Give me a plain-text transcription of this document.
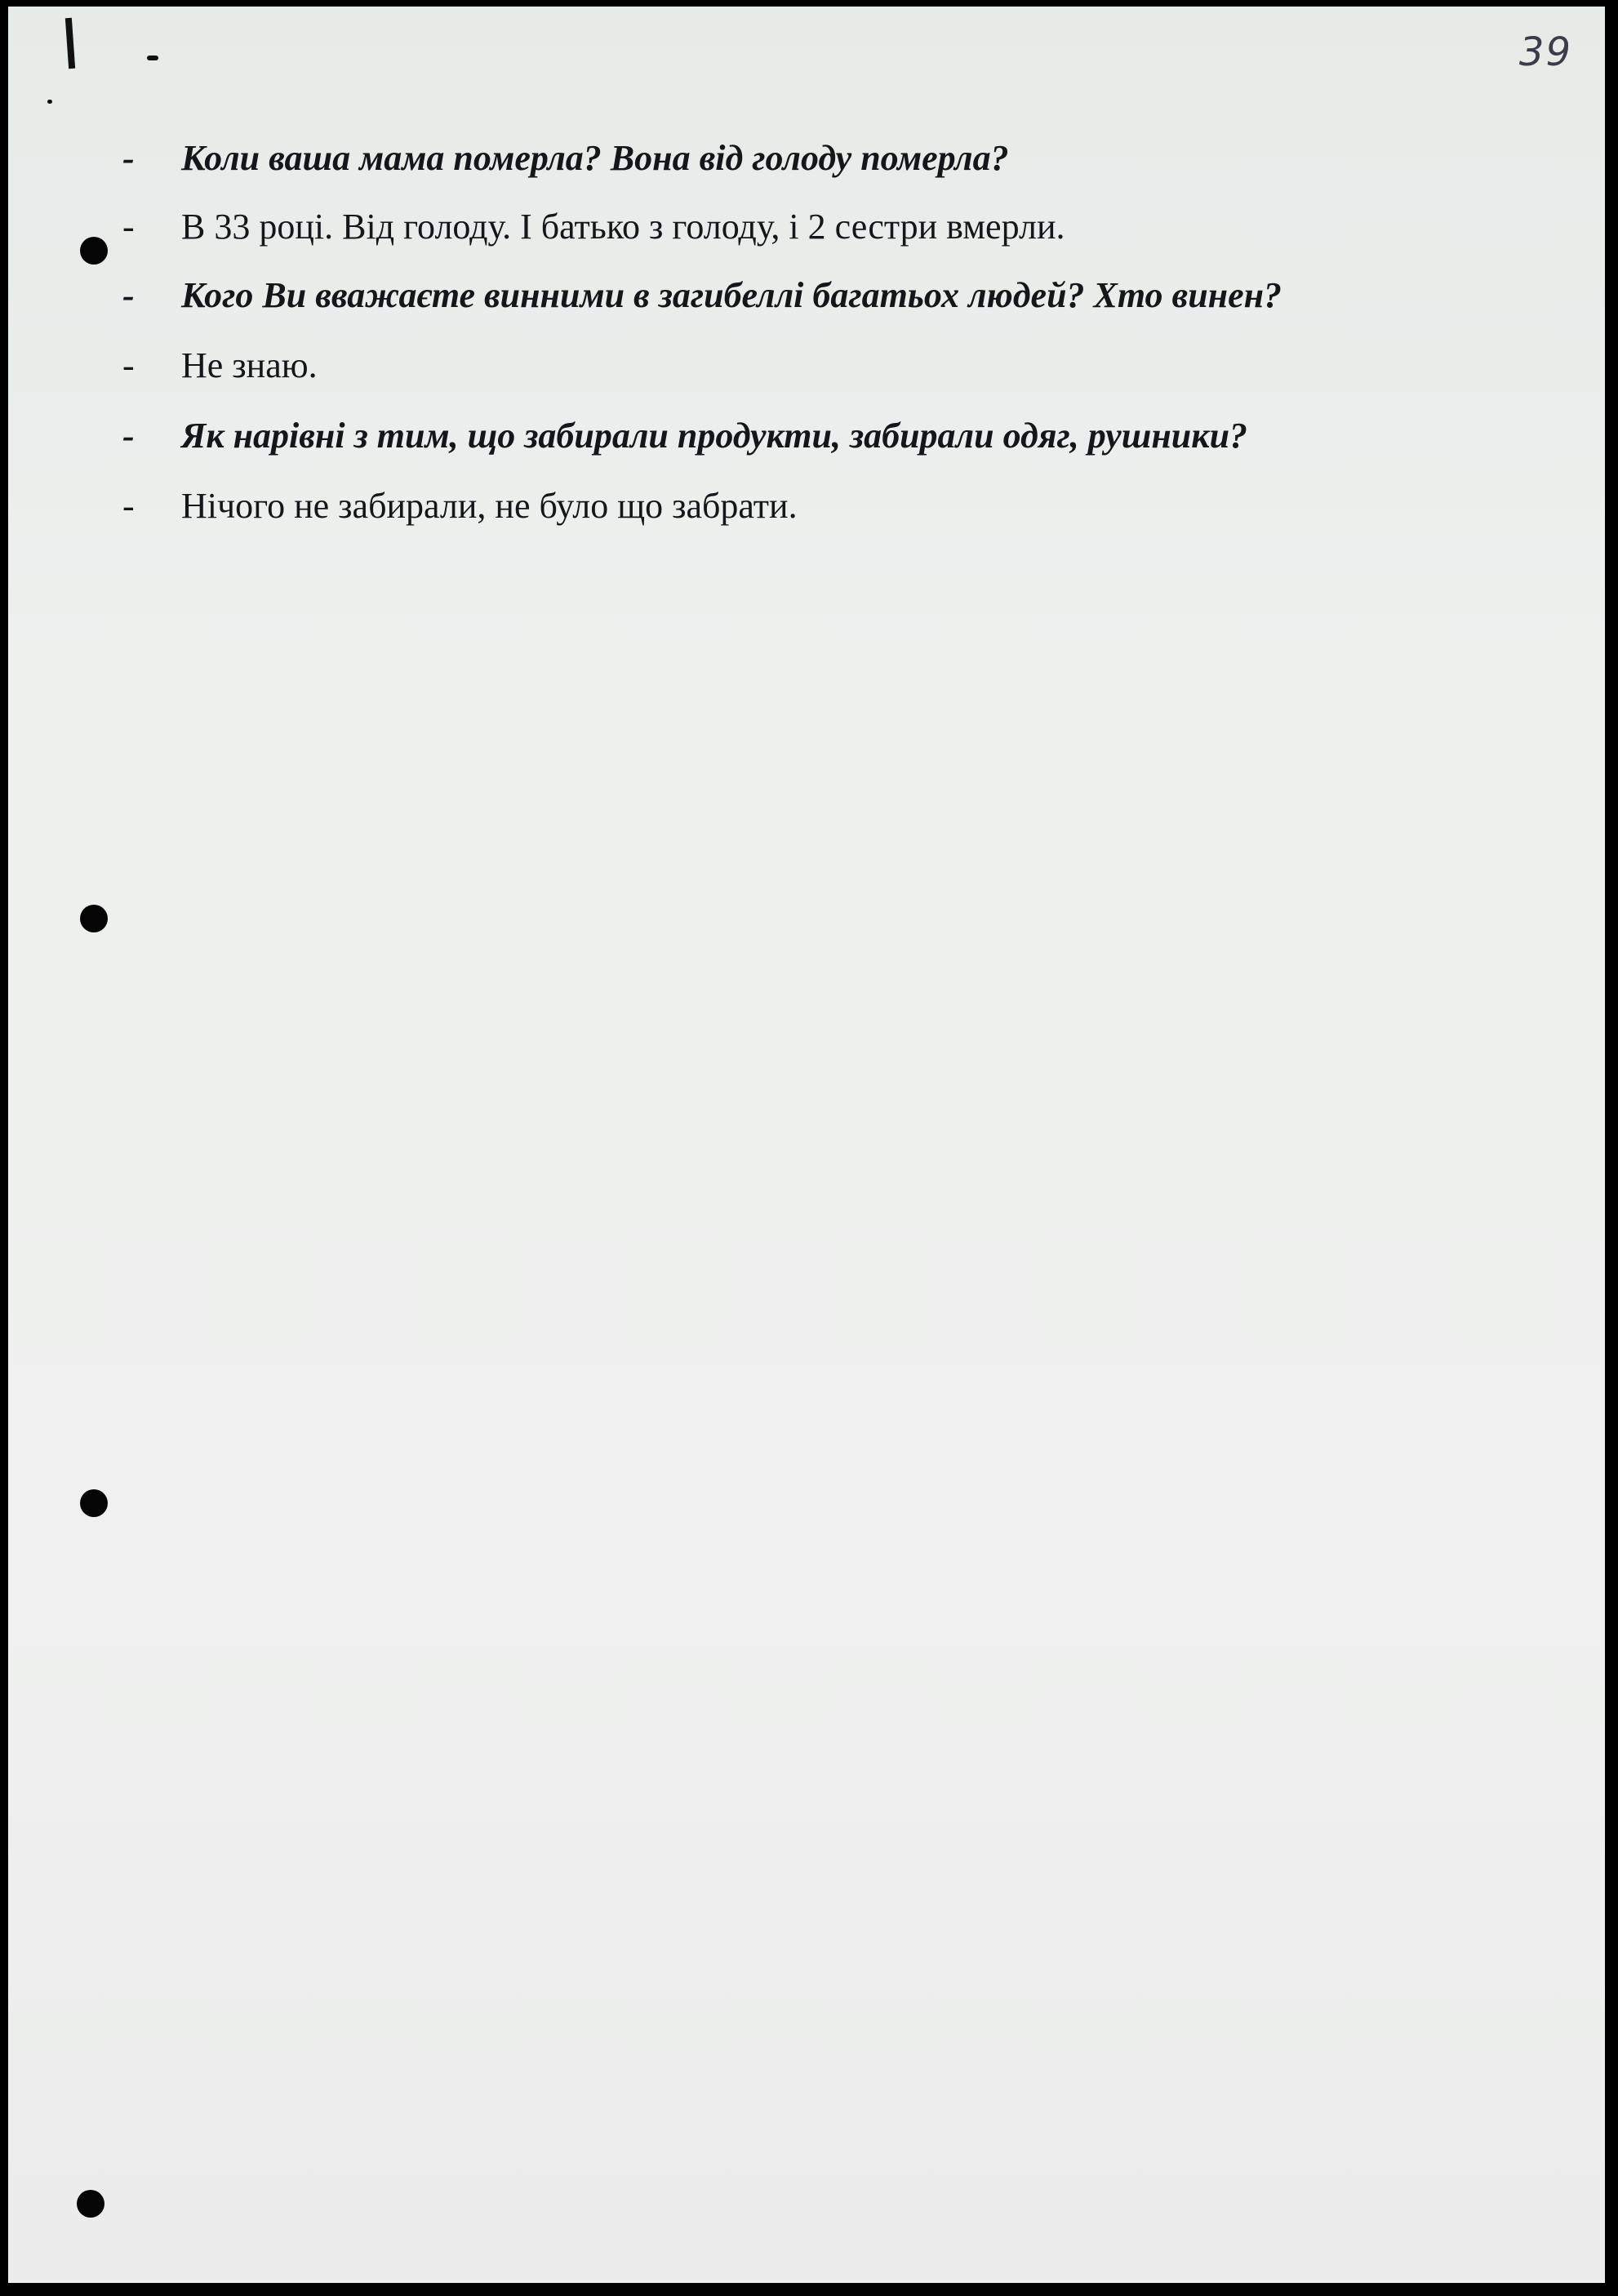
39
-	Коли ваша мама померла? Вона від голоду померла?
-	В 33 році. Від голоду. І батько з голоду, і 2 сестри вмерли.
-	Кого Ви вважаєте винними в загибеллі багатьох людей? Хто винен?
-	Не знаю.
-	Як нарівні з тим, що забирали продукти, забирали одяг, рушники?
-	Нічого не забирали, не було що забрати.
